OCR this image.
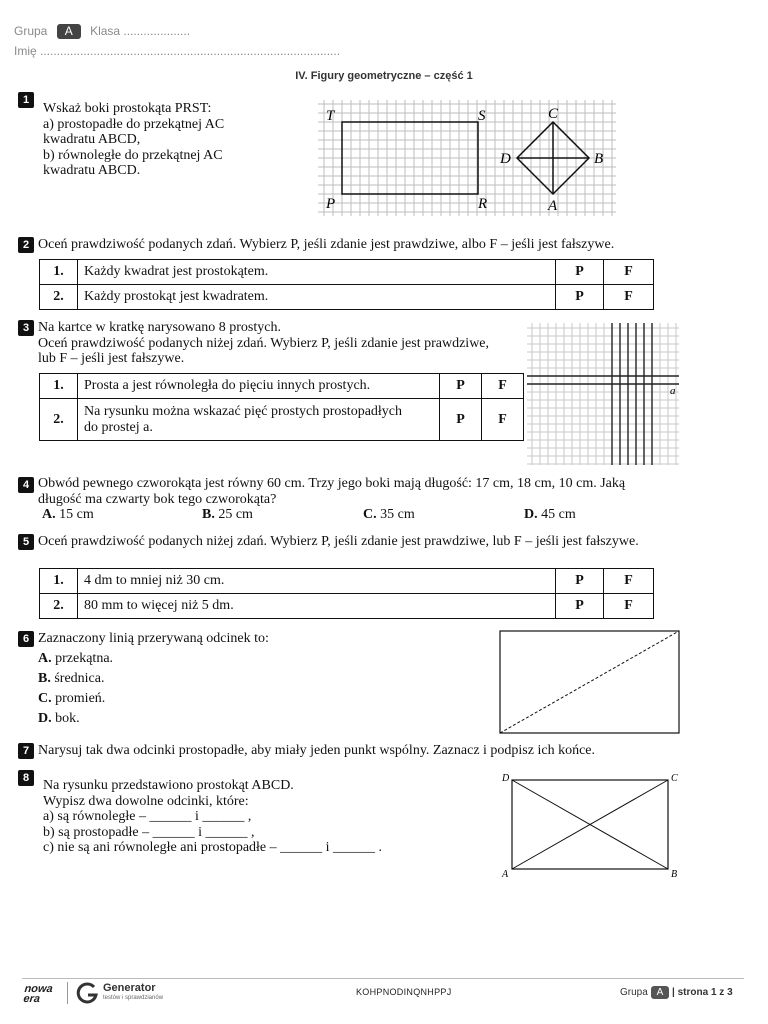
Grupa A Klasa ....................
Imię ..........................................................................................
IV. Figury geometryczne – część 1
1
Wskaż boki prostokąta PRST:
a) prostopadłe do przekątnej AC
kwadratu ABCD,
b) równoległe do przekątnej AC
kwadratu ABCD.
T	S
P	R
C
D	B
A
2 Oceń prawdziwość podanych zdań. Wybierz P, jeśli zdanie jest prawdziwe, albo F – jeśli jest fałszywe.
1.	Każdy kwadrat jest prostokątem.	P	F
2.	Każdy prostokąt jest kwadratem.	P	F
3 Na kartce w kratkę narysowano 8 prostych.
Oceń prawdziwość podanych niżej zdań. Wybierz P, jeśli zdanie jest prawdziwe,
lub F – jeśli jest fałszywe.
1.	Prosta a jest równoległa do pięciu innych prostych.	P	F
2.	Na rysunku można wskazać pięć prostych prostopadłych
do prostej a.	P	F
a
4 Obwód pewnego czworokąta jest równy 60 cm. Trzy jego boki mają długość: 17 cm, 18 cm, 10 cm. Jaką
długość ma czwarty bok tego czworokąta?
A. 15 cm	B. 25 cm	C. 35 cm	D. 45 cm
5 Oceń prawdziwość podanych niżej zdań. Wybierz P, jeśli zdanie jest prawdziwe, lub F – jeśli jest fałszywe.
1.	4 dm to mniej niż 30 cm.	P	F
2.	80 mm to więcej niż 5 dm.	P	F
6 Zaznaczony linią przerywaną odcinek to:
A. przekątna.
B. średnica.
C. promień.
D. bok.
7 Narysuj tak dwa odcinki prostopadłe, aby miały jeden punkt wspólny. Zaznacz i podpisz ich końce.
8 Na rysunku przedstawiono prostokąt ABCD.
Wypisz dwa dowolne odcinki, które:
a) są równoległe – ______ i ______ ,
b) są prostopadłe – ______ i ______ ,
c) nie są ani równoległe ani prostopadłe – ______ i ______ .
D	C
A	B
nowa
era
Generator
testów i sprawdzianów
KOHPNODINQNHPPJ	Grupa A | strona 1 z 3
